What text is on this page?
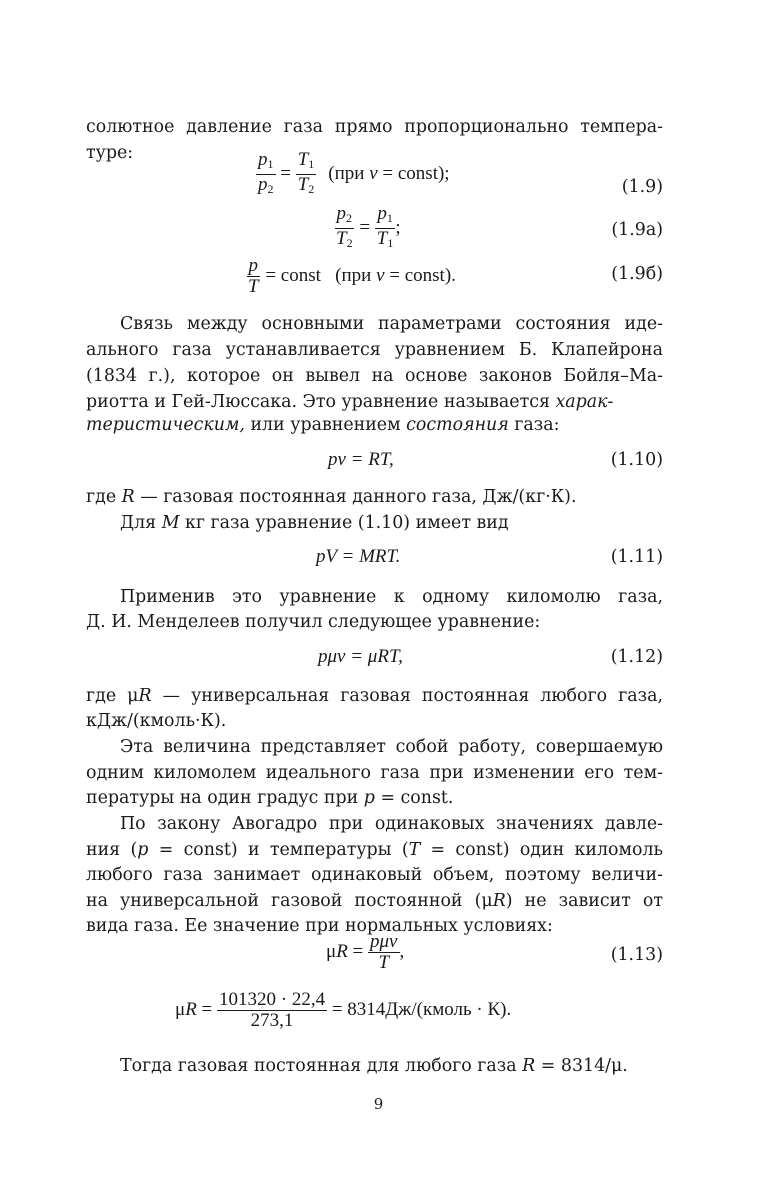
солютное давление газа прямо пропорционально темпера-
туре:	$\frac{p_1}{p_2} = \frac{T_1}{T_2} (при$ v = const);
(1.9)
$\frac{p_2}{T_2} = \frac{p_1}{T_1}$ ;	(1.9а)
$\frac{p}{T}$ = const   (при v = const).	(1.9б)
Связь между основными параметрами состояния иде-
ального газа устанавливается уравнением Б. Клапейрона
(1834 г.), которое он вывел на основе законов Бойля–Ма-
риотта и Гей-Люссака. Это уравнение называется харак-
теристическим, или уравнением состояния газа:
pv = RT,	(1.10)
где R — газовая постоянная данного газа, Дж/(кг·К).
Для M кг газа уравнение (1.10) имеет вид
pV = MRT.	(1.11)
Применив это уравнение к одному киломолю газа,
Д. И. Менделеев получил следующее уравнение:
pμv = μRT,	(1.12)
где μR — универсальная газовая постоянная любого газа,
кДж/(кмоль·К).
Эта величина представляет собой работу, совершаемую
одним киломолем идеального газа при изменении его тем-
пературы на один градус при p = const.
По закону Авогадро при одинаковых значениях давле-
ния (p = const) и температуры (T = const) один киломоль
любого газа занимает одинаковый объем, поэтому величи-
на универсальной газовой постоянной (μR) не зависит от
вида газа. Ее значение при нормальных условиях:
μR = pμv
T
,	(1.13)
$\mu R = \frac{101320 \cdot 22,4}{273,1}$ = 8314Дж/(кмоль · К).
Тогда газовая постоянная для любого газа R = 8314/μ.
9
